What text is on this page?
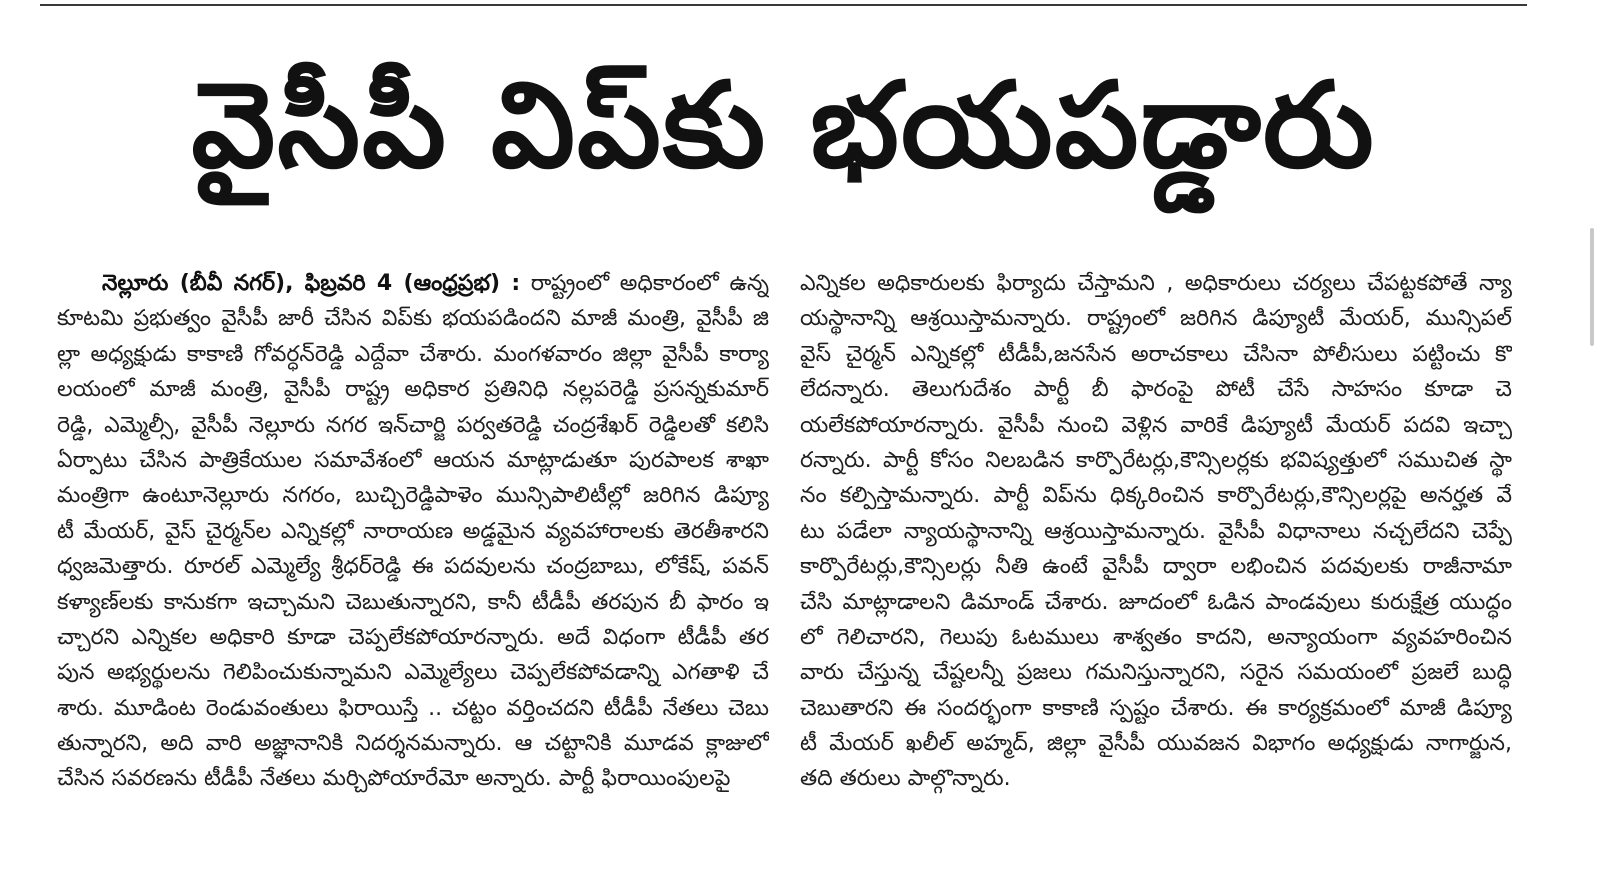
వైసీపీ విప్‌కు భయపడ్డారు
నెల్లూరు (బీవీ నగర్), ఫిబ్రవరి 4 (ఆంధ్రప్రభ) : రాష్ట్రంలో అధికారంలో ఉన్న
కూటమి ప్రభుత్వం వైసీపీ జారీ చేసిన విప్‌కు భయపడిందని మాజీ మంత్రి, వైసీపీ జి
ల్లా అధ్యక్షుడు కాకాణి గోవర్ధన్‌రెడ్డి ఎద్దేవా చేశారు. మంగళవారం జిల్లా వైసీపీ కార్యా
లయంలో మాజీ మంత్రి, వైసీపీ రాష్ట్ర అధికార ప్రతినిధి నల్లపరెడ్డి ప్రసన్నకుమార్
రెడ్డి, ఎమ్మెల్సీ, వైసీపీ నెల్లూరు నగర ఇన్‌చార్జి పర్వతరెడ్డి చంద్రశేఖర్ రెడ్డిలతో కలిసి
ఏర్పాటు చేసిన పాత్రికేయుల సమావేశంలో ఆయన మాట్లాడుతూ పురపాలక శాఖా
మంత్రిగా ఉంటూనెల్లూరు నగరం, బుచ్చిరెడ్డిపాళెం మున్సిపాలిటీల్లో జరిగిన డిప్యూ
టీ మేయర్, వైస్ చైర్మన్‌ల ఎన్నికల్లో నారాయణ అడ్డమైన వ్యవహారాలకు తెరతీశారని
ధ్వజమెత్తారు. రూరల్ ఎమ్మెల్యే శ్రీధర్‌రెడ్డి ఈ పదవులను చంద్రబాబు, లోకేష్, పవన్
కళ్యాణ్‌లకు కానుకగా ఇచ్చామని చెబుతున్నారని, కానీ టీడీపీ తరపున బీ ఫారం ఇ
చ్చారని ఎన్నికల అధికారి కూడా చెప్పలేకపోయారన్నారు. అదే విధంగా టీడీపీ తర
పున అభ్యర్థులను గెలిపించుకున్నామని ఎమ్మెల్యేలు చెప్పలేకపోవడాన్ని ఎగతాళి చే
శారు. మూడింట రెండువంతులు ఫిరాయిస్తే .. చట్టం వర్తించదని టీడీపీ నేతలు చెబు
తున్నారని, అది వారి అజ్ఞానానికి నిదర్శనమన్నారు. ఆ చట్టానికి మూడవ క్లాజులో
చేసిన సవరణను టీడీపీ నేతలు మర్చిపోయారేమో అన్నారు. పార్టీ ఫిరాయింపులపై
ఎన్నికల అధికారులకు ఫిర్యాదు చేస్తామని , అధికారులు చర్యలు చేపట్టకపోతే న్యా
యస్థానాన్ని ఆశ్రయిస్తామన్నారు. రాష్ట్రంలో జరిగిన డిప్యూటీ మేయర్, మున్సిపల్
వైస్ చైర్మన్ ఎన్నికల్లో టీడీపీ,జనసేన అరాచకాలు చేసినా పోలీసులు పట్టించు కొ
లేదన్నారు. తెలుగుదేశం పార్టీ బీ ఫారంపై పోటీ చేసే సాహసం కూడా చె
యలేకపోయారన్నారు. వైసీపీ నుంచి వెళ్లిన వారికే డిప్యూటీ మేయర్ పదవి ఇచ్చా
రన్నారు. పార్టీ కోసం నిలబడిన కార్పొరేటర్లు,కౌన్సిలర్లకు భవిష్యత్తులో సముచిత స్థా
నం కల్పిస్తామన్నారు. పార్టీ విప్‌ను ధిక్కరించిన కార్పొరేటర్లు,కౌన్సిలర్లపై అనర్హత వే
టు పడేలా న్యాయస్థానాన్ని ఆశ్రయిస్తామన్నారు. వైసీపీ విధానాలు నచ్చలేదని చెప్పే
కార్పొరేటర్లు,కౌన్సిలర్లు నీతి ఉంటే వైసీపీ ద్వారా లభించిన పదవులకు రాజీనామా
చేసి మాట్లాడాలని డిమాండ్ చేశారు. జూదంలో ఓడిన పాండవులు కురుక్షేత్ర యుద్ధం
లో గెలిచారని, గెలుపు ఓటములు శాశ్వతం కాదని, అన్యాయంగా వ్యవహరించిన
వారు చేస్తున్న చేష్టలన్నీ ప్రజలు గమనిస్తున్నారని, సరైన సమయంలో ప్రజలే బుద్ధి
చెబుతారని ఈ సందర్భంగా కాకాణి స్పష్టం చేశారు. ఈ కార్యక్రమంలో మాజీ డిప్యూ
టీ మేయర్ ఖలీల్ అహ్మద్, జిల్లా వైసీపీ యువజన విభాగం అధ్యక్షుడు నాగార్జున,
తది తరులు పాల్గొన్నారు.
